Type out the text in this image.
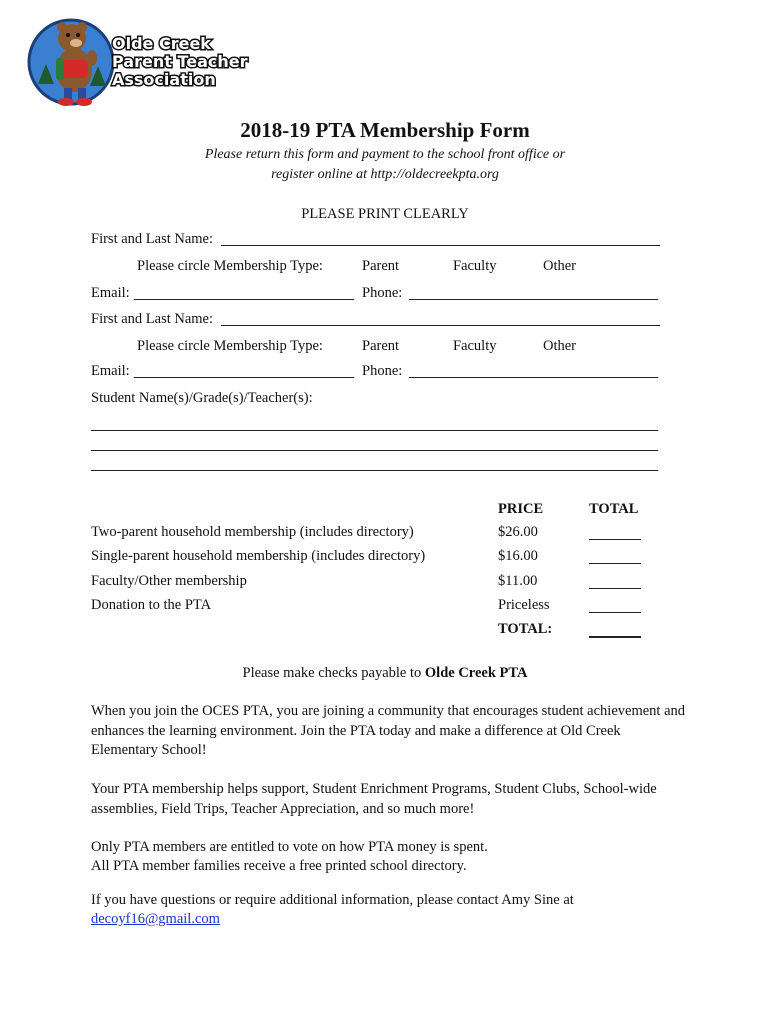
Olde Creek
Parent Teacher
Association
2018-19 PTA Membership Form
Please return this form and payment to the school front office or
register online at http://oldecreekpta.org
PLEASE PRINT CLEARLY
First and Last Name:
Please circle Membership Type:	Parent	Faculty	Other
Email:	Phone:
First and Last Name:
Please circle Membership Type:	Parent	Faculty	Other
Email:	Phone:
Student Name(s)/Grade(s)/Teacher(s):
PRICE	TOTAL
Two-parent household membership (includes directory)	$26.00
Single-parent household membership (includes directory)	$16.00
Faculty/Other membership	$11.00
Donation to the PTA	Priceless
TOTAL:
Please make checks payable to Olde Creek PTA
When you join the OCES PTA, you are joining a community that encourages student achievement and enhances the learning environment. Join the PTA today and make a difference at Old Creek Elementary School!
Your PTA membership helps support, Student Enrichment Programs, Student Clubs, School-wide assemblies, Field Trips, Teacher Appreciation, and so much more!
Only PTA members are entitled to vote on how PTA money is spent.
All PTA member families receive a free printed school directory.
If you have questions or require additional information, please contact Amy Sine at
decoyf16@gmail.com
